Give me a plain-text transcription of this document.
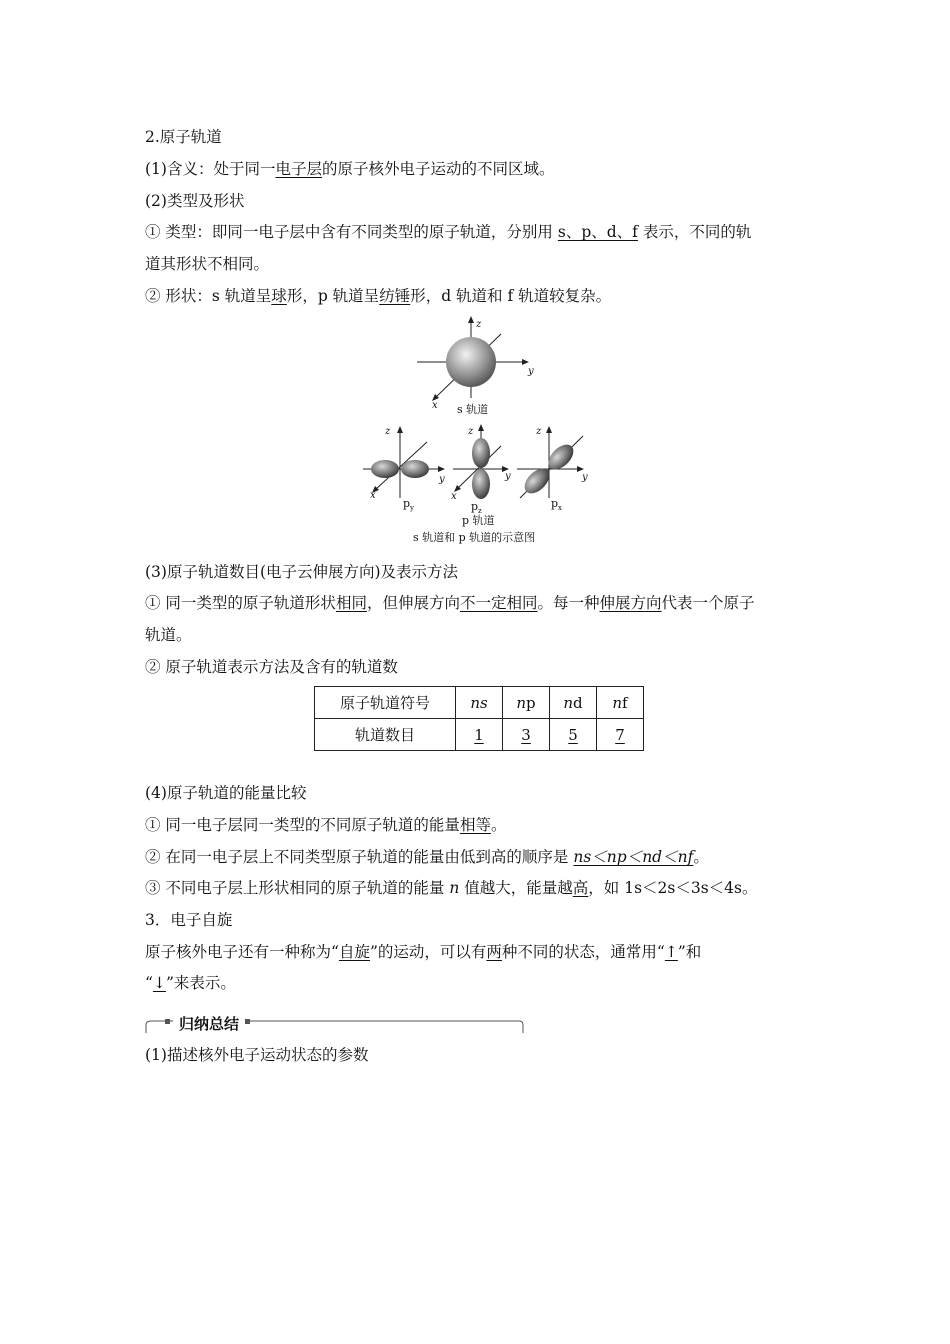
2.原子轨道
(1)含义：处于同一电子层的原子核外电子运动的不同区域。
(2)类型及形状
① 类型：即同一电子层中含有不同类型的原子轨道，分别用 s、p、d、f 表示，不同的轨
道其形状不相同。
② 形状：s 轨道呈球形，p 轨道呈纺锤形，d 轨道和 f 轨道较复杂。
z
y
x s 轨道
z
y
x
$p_y$
z
y
x
$p_z$
z
y
$p_x$
p 轨道
s 轨道和 p 轨道的示意图
(3)原子轨道数目(电子云伸展方向)及表示方法
① 同一类型的原子轨道形状相同，但伸展方向不一定相同。每一种伸展方向代表一个原子
轨道。
② 原子轨道表示方法及含有的轨道数
原子轨道符号	ns	np	nd	nf
轨道数目	1	3	5	7
(4)原子轨道的能量比较
① 同一电子层同一类型的不同原子轨道的能量相等。
② 在同一电子层上不同类型原子轨道的能量由低到高的顺序是 ns＜np＜nd＜nf。
③ 不同电子层上形状相同的原子轨道的能量 n 值越大，能量越高，如 1s＜2s＜3s＜4s。
3．电子自旋
原子核外电子还有一种称为“自旋”的运动，可以有两种不同的状态，通常用“↑”和
“↓”来表示。
归纳总结
(1)描述核外电子运动状态的参数
